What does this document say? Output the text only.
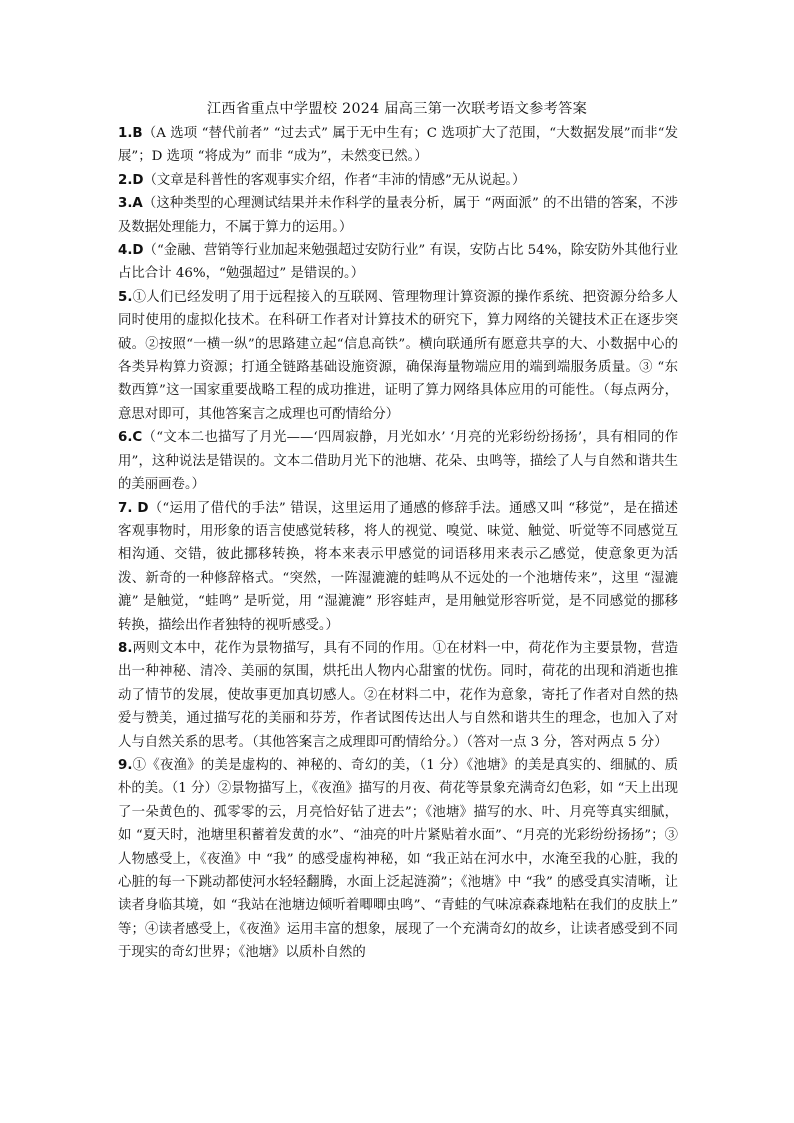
江西省重点中学盟校 2024 届高三第一次联考语文参考答案

1.B（A 选项 “替代前者” “过去式” 属于无中生有；C 选项扩大了范围，“大数据发展”而非“发展”；D 选项 “将成为” 而非 “成为”，未然变已然。）

2.D（文章是科普性的客观事实介绍，作者“丰沛的情感”无从说起。）

3.A（这种类型的心理测试结果并未作科学的量表分析，属于 “两面派” 的不出错的答案，不涉及数据处理能力，不属于算力的运用。）

4.D（“金融、营销等行业加起来勉强超过安防行业” 有误，安防占比 54%，除安防外其他行业占比合计 46%，“勉强超过” 是错误的。）

5.①人们已经发明了用于远程接入的互联网、管理物理计算资源的操作系统、把资源分给多人同时使用的虚拟化技术。在科研工作者对计算技术的研究下，算力网络的关键技术正在逐步突破。②按照“一横一纵”的思路建立起“信息高铁”。横向联通所有愿意共享的大、小数据中心的各类异构算力资源；打通全链路基础设施资源，确保海量物端应用的端到端服务质量。③ “东数西算”这一国家重要战略工程的成功推进，证明了算力网络具体应用的可能性。（每点两分，意思对即可，其他答案言之成理也可酌情给分）

6.C（“文本二也描写了月光——‘四周寂静，月光如水’ ‘月亮的光彩纷纷扬扬’，具有相同的作用”，这种说法是错误的。文本二借助月光下的池塘、花朵、虫鸣等，描绘了人与自然和谐共生的美丽画卷。）

7. D（“运用了借代的手法” 错误，这里运用了通感的修辞手法。通感又叫 “移觉”，是在描述客观事物时，用形象的语言使感觉转移，将人的视觉、嗅觉、味觉、触觉、听觉等不同感觉互相沟通、交错，彼此挪移转换，将本来表示甲感觉的词语移用来表示乙感觉，使意象更为活泼、新奇的一种修辞格式。“突然，一阵湿漉漉的蛙鸣从不远处的一个池塘传来”，这里 “湿漉漉” 是触觉，“蛙鸣” 是听觉，用 “湿漉漉” 形容蛙声，是用触觉形容听觉，是不同感觉的挪移转换，描绘出作者独特的视听感受。）

8.两则文本中，花作为景物描写，具有不同的作用。①在材料一中，荷花作为主要景物，营造出一种神秘、清冷、美丽的氛围，烘托出人物内心甜蜜的忧伤。同时，荷花的出现和消逝也推动了情节的发展，使故事更加真切感人。②在材料二中，花作为意象，寄托了作者对自然的热爱与赞美，通过描写花的美丽和芬芳，作者试图传达出人与自然和谐共生的理念，也加入了对人与自然关系的思考。（其他答案言之成理即可酌情给分。）（答对一点 3 分，答对两点 5 分）

9.①《夜渔》的美是虚构的、神秘的、奇幻的美，（1 分）《池塘》的美是真实的、细腻的、质朴的美。（1 分）②景物描写上，《夜渔》描写的月夜、荷花等景象充满奇幻色彩，如 “天上出现了一朵黄色的、孤零零的云，月亮恰好钻了进去”；《池塘》描写的水、叶、月亮等真实细腻，如 “夏天时，池塘里积蓄着发黄的水”、“油亮的叶片紧贴着水面”、“月亮的光彩纷纷扬扬”；③人物感受上，《夜渔》中 “我” 的感受虚构神秘，如 “我正站在河水中，水淹至我的心脏，我的心脏的每一下跳动都使河水轻轻翻腾，水面上泛起涟漪”；《池塘》中 “我” 的感受真实清晰，让读者身临其境，如 “我站在池塘边倾听着唧唧虫鸣”、“青蛙的气味凉森森地粘在我们的皮肤上” 等；④读者感受上，《夜渔》运用丰富的想象，展现了一个充满奇幻的故乡，让读者感受到不同于现实的奇幻世界；《池塘》以质朴自然的
